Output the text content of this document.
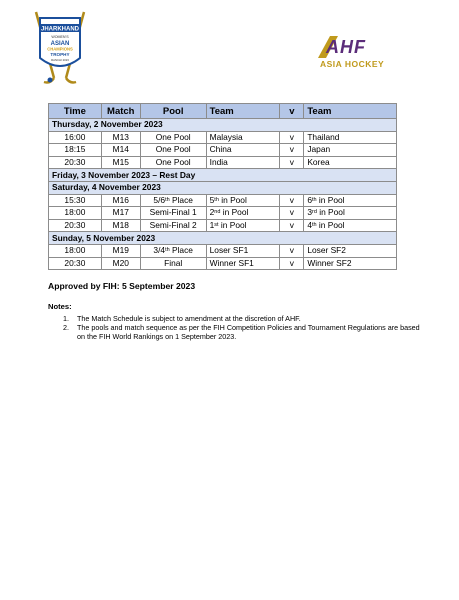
JHARKHAND
WOMEN'S
ASIAN
CHAMPIONS
TROPHY
RANCHI 2023
AHF
ASIA HOCKEY
Time	Match	Pool	Team	v	Team
Thursday, 2 November 2023					
16:00	M13	One Pool	Malaysia	v	Thailand
18:15	M14	One Pool	China	v	Japan
20:30	M15	One Pool	India	v	Korea
Friday, 3 November 2023 – Rest Day					
Saturday, 4 November 2023					
15:30	M16	5/6th Place	5th in Pool	v	6th in Pool
18:00	M17	Semi-Final 1	2nd in Pool	v	3rd in Pool
20:30	M18	Semi-Final 2	1st in Pool	v	4th in Pool
Sunday, 5 November 2023					
18:00	M19	3/4th Place	Loser SF1	v	Loser SF2
20:30	M20	Final	Winner SF1	v	Winner SF2
Approved by FIH: 5 September 2023
Notes:
1. The Match Schedule is subject to amendment at the discretion of AHF.
2. The pools and match sequence as per the FIH Competition Policies and Tournament Regulations are based on the FIH World Rankings on 1 September 2023.
